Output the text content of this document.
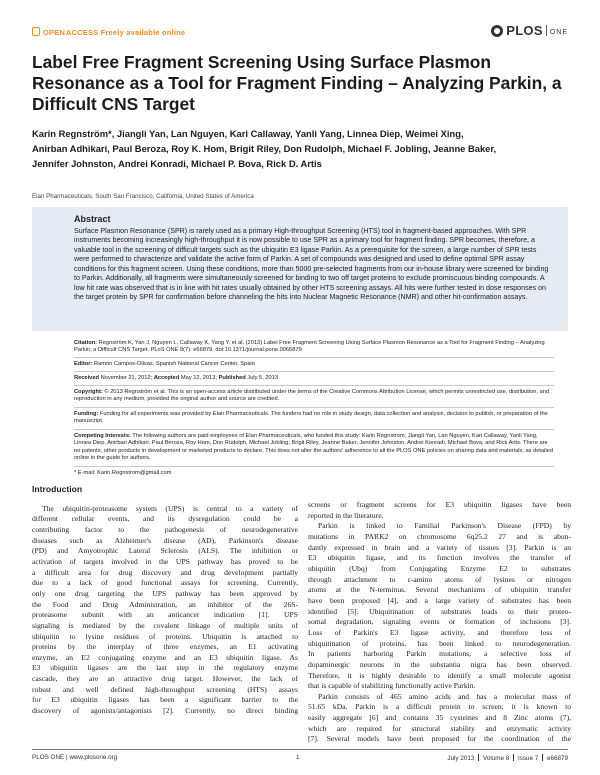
OPEN ACCESS Freely available online	PLOS ONE
Label Free Fragment Screening Using Surface Plasmon Resonance as a Tool for Fragment Finding – Analyzing Parkin, a Difficult CNS Target
Karin Regnström*, Jiangli Yan, Lan Nguyen, Kari Callaway, Yanli Yang, Linnea Diep, Weimei Xing,
Anirban Adhikari, Paul Beroza, Roy K. Hom, Brigit Riley, Don Rudolph, Michael F. Jobling, Jeanne Baker,
Jennifer Johnston, Andrei Konradi, Michael P. Bova, Rick D. Artis
Elan Pharmaceuticals, South San Francisco, California, United States of America
Abstract
Surface Plasmon Resonance (SPR) is rarely used as a primary High-throughput Screening (HTS) tool in fragment-based approaches. With SPR instruments becoming increasingly high-throughput it is now possible to use SPR as a primary tool for fragment finding. SPR becomes, therefore, a valuable tool in the screening of difficult targets such as the ubiquitin E3 ligase Parkin. As a prerequisite for the screen, a large number of SPR tests were performed to characterize and validate the active form of Parkin. A set of compounds was designed and used to define optimal SPR assay conditions for this fragment screen. Using these conditions, more than 5000 pre-selected fragments from our in-house library were screened for binding to Parkin. Additionally, all fragments were simultaneously screened for binding to two off target proteins to exclude promiscuous binding compounds. A low hit rate was observed that is in line with hit rates usually obtained by other HTS screening assays. All hits were further tested in dose responses on the target protein by SPR for confirmation before channeling the hits into Nuclear Magnetic Resonance (NMR) and other hit-confirmation assays.
Citation: Regnström K, Yan J, Nguyen L, Callaway K, Yang Y, et al. (2013) Label Free Fragment Screening Using Surface Plasmon Resonance as a Tool for Fragment Finding – Analyzing Parkin, a Difficult CNS Target. PLoS ONE 8(7): e66879. doi:10.1371/journal.pone.0066879
Editor: Ramón Campos-Olivas, Spanish National Cancer Center, Spain
Received November 21, 2012; Accepted May 12, 2013; Published July 5, 2013
Copyright: © 2013 Regnström et al. This is an open-access article distributed under the terms of the Creative Commons Attribution License, which permits unrestricted use, distribution, and reproduction in any medium, provided the original author and source are credited.
Funding: Funding for all experiments was provided by Elan Pharmaceuticals. The funders had no role in study design, data collection and analysis, decision to publish, or preparation of the manuscript.
Competing Interests: The following authors are paid employees of Elan Pharmaceuticals, who funded this study: Karin Regnstrom, Jiangli Yan, Lan Nguyen, Kari Callaway, Yanli Yang, Linnea Diep, Anirban Adhikari, Paul Beroza, Roy Hom, Don Rudolph, Michael Jobling, Brigit Riley, Jeanne Baker, Jennifer Johnston, Andrei Konradi, Michael Bova, and Rick Artis. There are no patents, other products in development or marketed products to declare. This does not alter the authors' adherence to all the PLOS ONE policies on sharing data and materials, as detailed online in the guide for authors.
* E-mail: Karin.Regnstrom@gmail.com
Introduction
The ubiquitin-proteasome system (UPS) is central to a variety of
different cellular events, and its dysregulation could be a
contributing factor to the pathogenesis of neurodegenerative
diseases such as Alzheimer's disease (AD), Parkinson's disease
(PD) and Amyotrophic Lateral Sclerosis (ALS). The inhibition or
activation of targets involved in the UPS pathway has proved to be
a difficult area for drug discovery and drug development partially
due to a lack of good functional assays for screening. Currently,
only one drug targeting the UPS pathway has been approved by
the Food and Drug Administration, an inhibitor of the 26S-
proteasome subunit with an anticancer indication [1]. UPS
signaling is mediated by the covalent linkage of multiple units of
ubiquitin to lysine residues of proteins. Ubiquitin is attached to
proteins by the interplay of three enzymes, an E1 activating
enzyme, an E2 conjugating enzyme and an E3 ubiquitin ligase. As
E3 ubiquitin ligases are the last step in the regulatory enzyme
cascade, they are an attractive drug target. However, the lack of
robust and well defined high-throughput screening (HTS) assays
for E3 ubiquitin ligases has been a significant barrier to the
discovery of agonists/antagonists [2]. Currently, no direct binding
screens or fragment screens for E3 ubiquitin ligases have been
reported in the literature.
Parkin is linked to Familial Parkinson's Disease (FPD) by
mutations in PARK2 on chromosome 6q25.2 27 and is abun-
dantly expressed in brain and a variety of tissues [3]. Parkin is an
E3 ubiquitin ligase, and its function involves the transfer of
ubiquitin (Ubq) from Conjugating Enzyme E2 to substrates
through attachment to ε-amino atoms of lysines or nitrogen
atoms at the N-terminus. Several mechanisms of ubiquitin transfer
have been proposed [4], and a large variety of substrates has been
identified [5]. Ubiquitination of substrates leads to their proteo-
somal degradation, signaling events or formation of inclusions [3].
Loss of Parkin's E3 ligase activity, and therefore loss of
ubiquitination of proteins, has been linked to neurodegeneration.
In patients harboring Parkin mutations, a selective loss of
dopaminergic neurons in the substantia nigra has been observed.
Therefore, it is highly desirable to identify a small molecule agonist
that is capable of stabilizing functionally active Parkin.
Parkin consists of 465 amino acids and has a molecular mass of
51.65 kDa. Parkin is a difficult protein to screen; it is known to
easily aggregate [6] and contains 35 cysteines and 8 Zinc atoms (7),
which are required for structural stability and enzymatic activity
[7]. Several models have been proposed for the coordination of the
PLOS ONE | www.plosone.org	1	July 2013 Volume 8 Issue 7 e66879
